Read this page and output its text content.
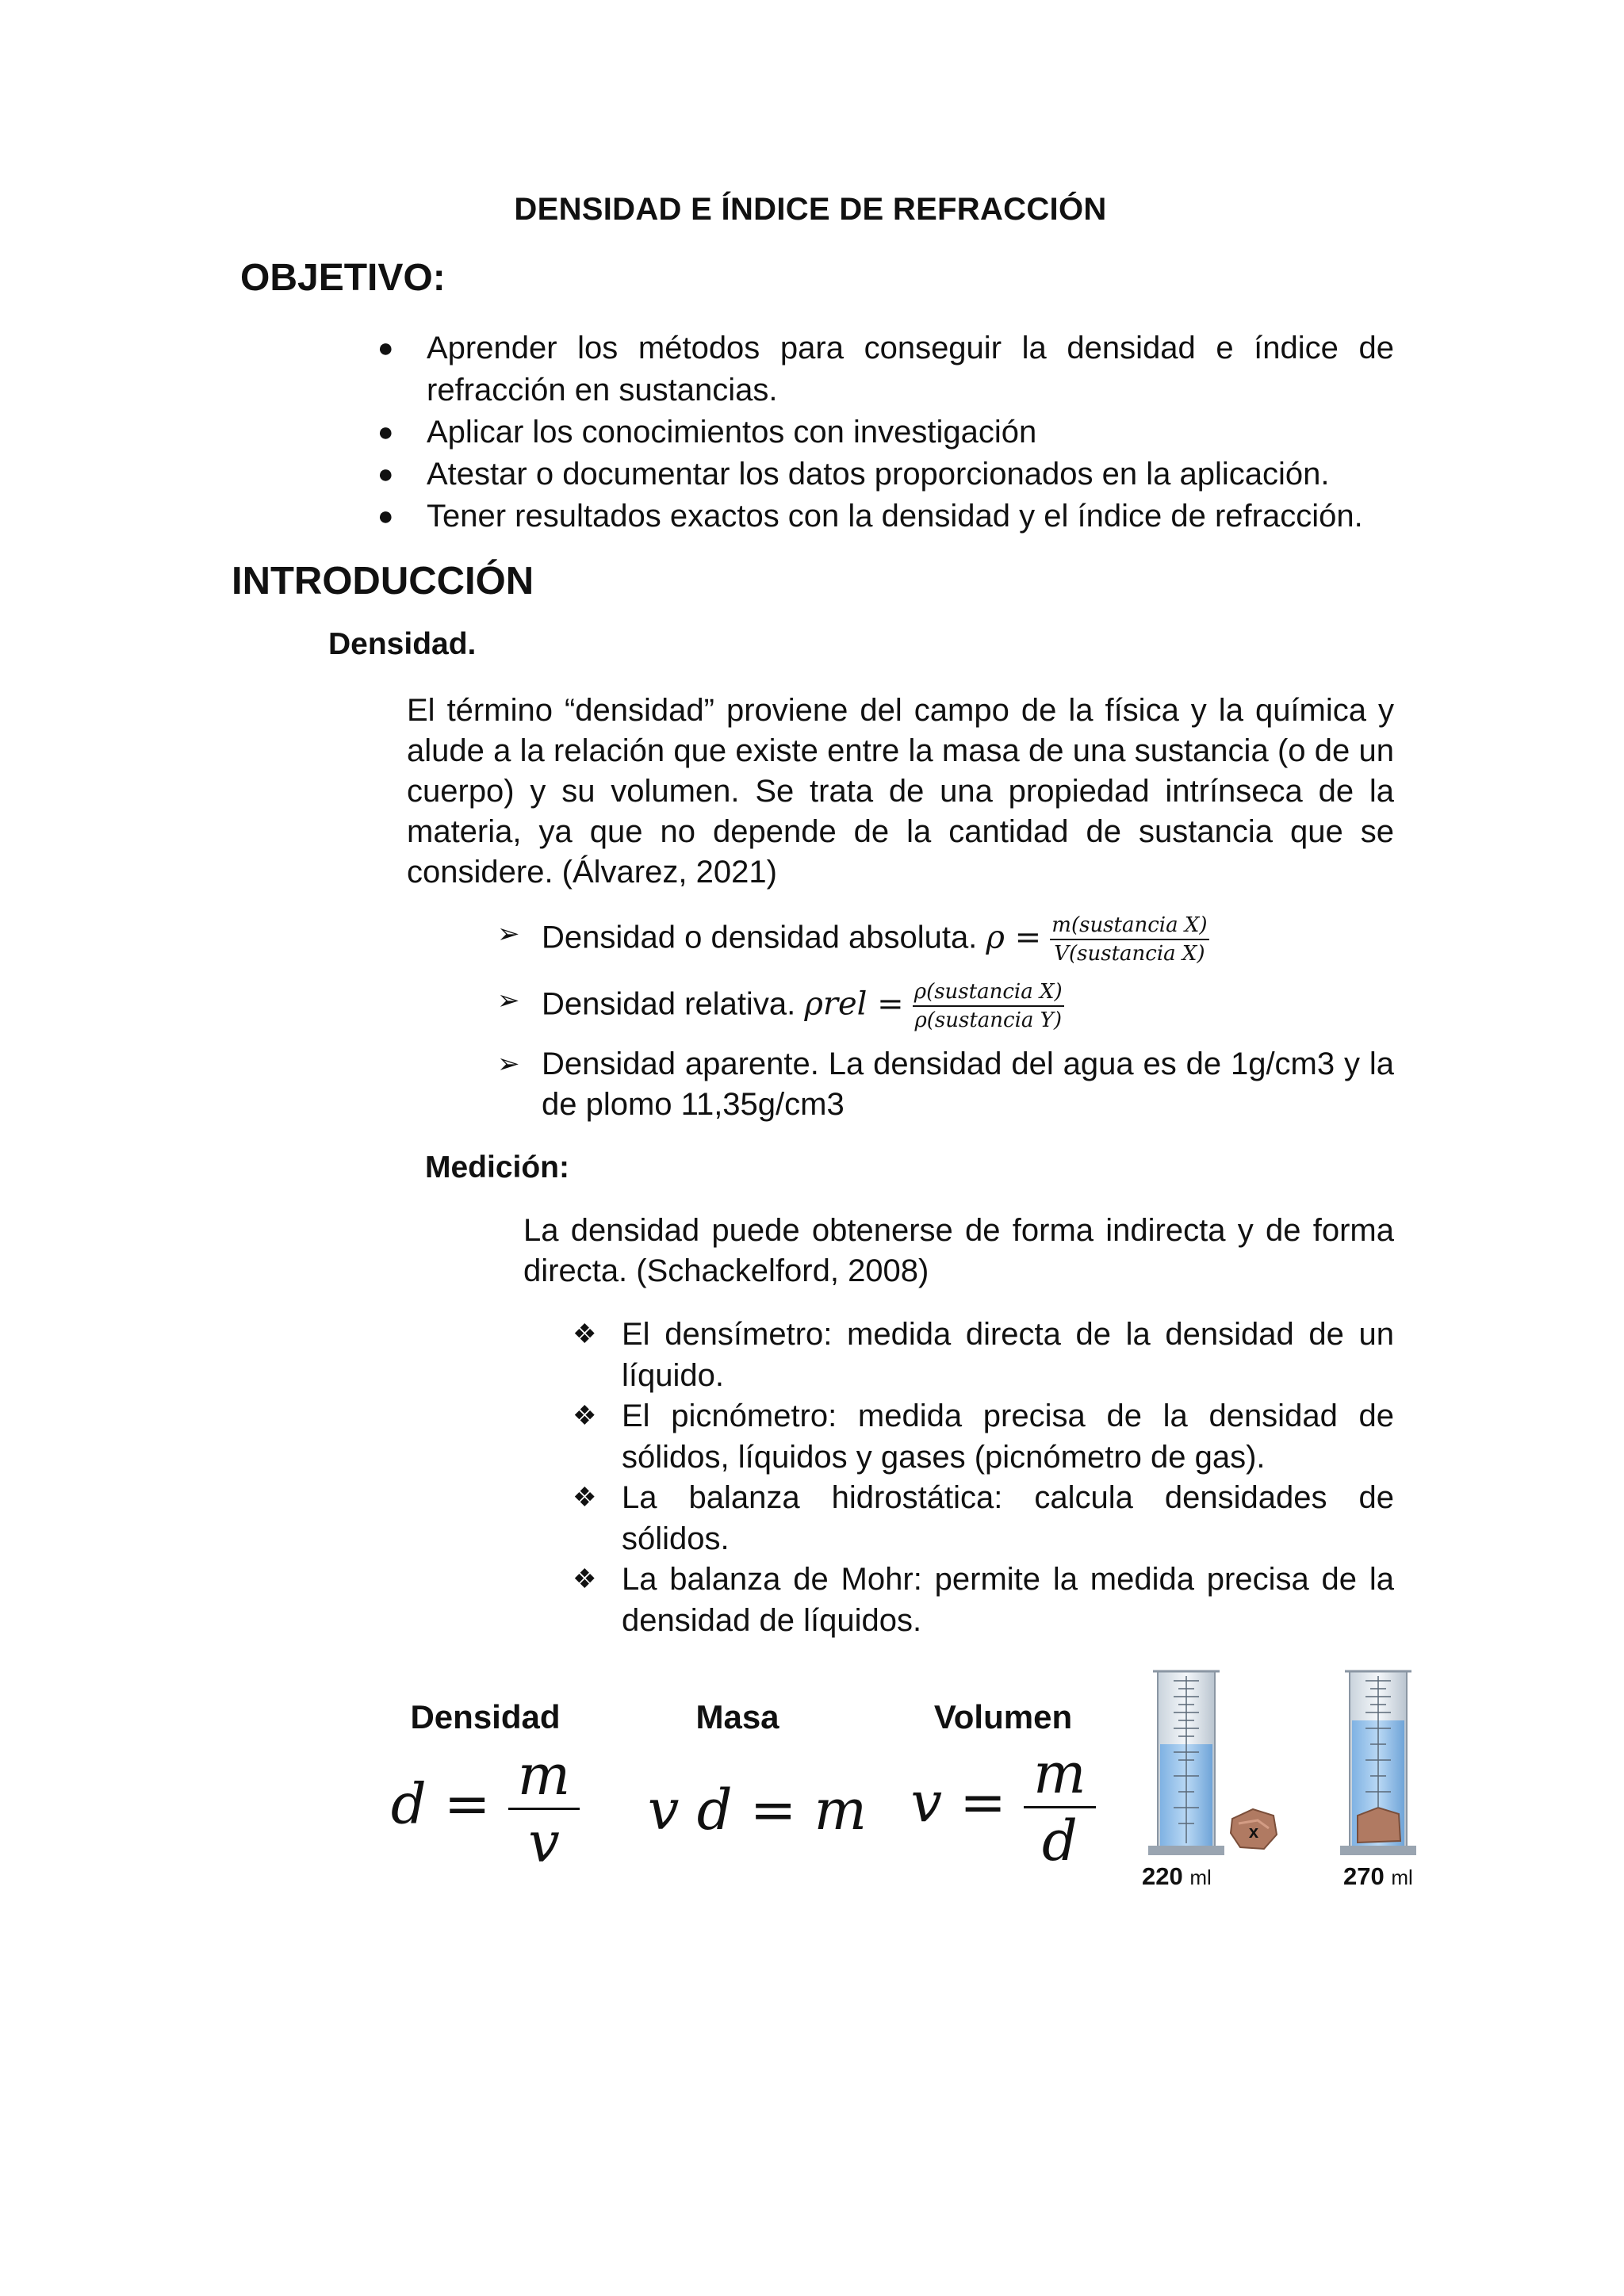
DENSIDAD E ÍNDICE DE REFRACCIÓN
OBJETIVO:
● Aprender los métodos para conseguir la densidad e índice de refracción en sustancias.
● Aplicar los conocimientos con investigación
● Atestar o documentar los datos proporcionados en la aplicación.
● Tener resultados exactos con la densidad y el índice de refracción.
INTRODUCCIÓN
Densidad.
El término “densidad” proviene del campo de la física y la química y alude a la relación que existe entre la masa de una sustancia (o de un cuerpo) y su volumen. Se trata de una propiedad intrínseca de la materia, ya que no depende de la cantidad de sustancia que se considere. (Álvarez, 2021)
➢ Densidad o densidad absoluta. $\rho = \frac{\text{m(sustancia X)}}{\text{V(sustancia X)}}$
➢ Densidad relativa. $\rho rel = \frac{\text{ρ(sustancia X)}}{\text{ρ(sustancia Y)}}$
➢ Densidad aparente. La densidad del agua es de 1g/cm3 y la de plomo 11,35g/cm3
Medición:
La densidad puede obtenerse de forma indirecta y de forma directa. (Schackelford, 2008)
❖ El densímetro: medida directa de la densidad de un líquido.
❖ El picnómetro: medida precisa de la densidad de sólidos, líquidos y gases (picnómetro de gas).
❖ La balanza hidrostática: calcula densidades de sólidos.
❖ La balanza de Mohr: permite la medida precisa de la densidad de líquidos.
Densidad
$d = \frac{m}{v}$
Masa
v d = m
Volumen
$v = \frac{m}{d}$	x
220 ml	270 ml
